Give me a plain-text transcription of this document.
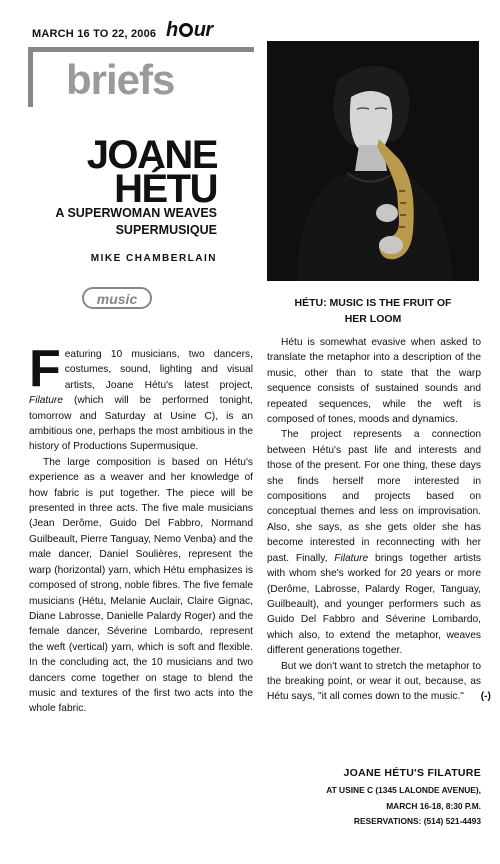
MARCH 16 TO 22, 2006 h ur
briefs
JOANE
HÉTU
A SUPERWOMAN WEAVES
SUPERMUSIQUE
MIKE CHAMBERLAIN
music	HÉTU: MUSIC IS THE FRUIT OF
HER LOOM

Featuring 10 musicians, two dancers, costumes, sound, lighting and visual artists, Joane Hétu's latest project, Filature (which will be performed tonight, tomorrow and Saturday at Usine C), is an ambitious one, perhaps the most ambitious in the history of Productions Supermusique.

The large composition is based on Hétu's experience as a weaver and her knowledge of how fabric is put together. The piece will be presented in three acts. The five male musicians (Jean Derôme, Guido Del Fabbro, Normand Guilbeault, Pierre Tanguay, Nemo Venba) and the male dancer, Daniel Soulières, represent the warp (horizontal) yarn, which Hétu emphasizes is composed of strong, noble fibres. The five female musicians (Hétu, Melanie Auclair, Claire Gignac, Diane Labrosse, Danielle Palardy Roger) and the female dancer, Séverine Lombardo, represent the weft (vertical) yarn, which is soft and flexible. In the concluding act, the 10 musicians and two dancers come together on stage to blend the music and textures of the first two acts into the whole fabric.

Hétu is somewhat evasive when asked to translate the metaphor into a description of the music, other than to state that the warp sequence consists of sustained sounds and repeated sequences, while the weft is composed of tones, moods and dynamics.

The project represents a connection between Hétu's past life and interests and those of the present. For one thing, these days she finds herself more interested in compositions and projects based on conceptual themes and less on improvisation. Also, she says, as she gets older she has become interested in reconnecting with her past. Finally, Filature brings together artists with whom she's worked for 20 years or more (Derôme, Labrosse, Palardy Roger, Tanguay, Guilbeault), and younger performers such as Guido Del Fabbro and Séverine Lombardo, which also, to extend the metaphor, weaves different generations together.

But we don't want to stretch the metaphor to the breaking point, or wear it out, because, as Hétu says, "it all comes down to the music." (-)

JOANE HÉTU'S FILATURE
AT USINE C (1345 LALONDE AVENUE),
MARCH 16-18, 8:30 P.M.
RESERVATIONS: (514) 521-4493
